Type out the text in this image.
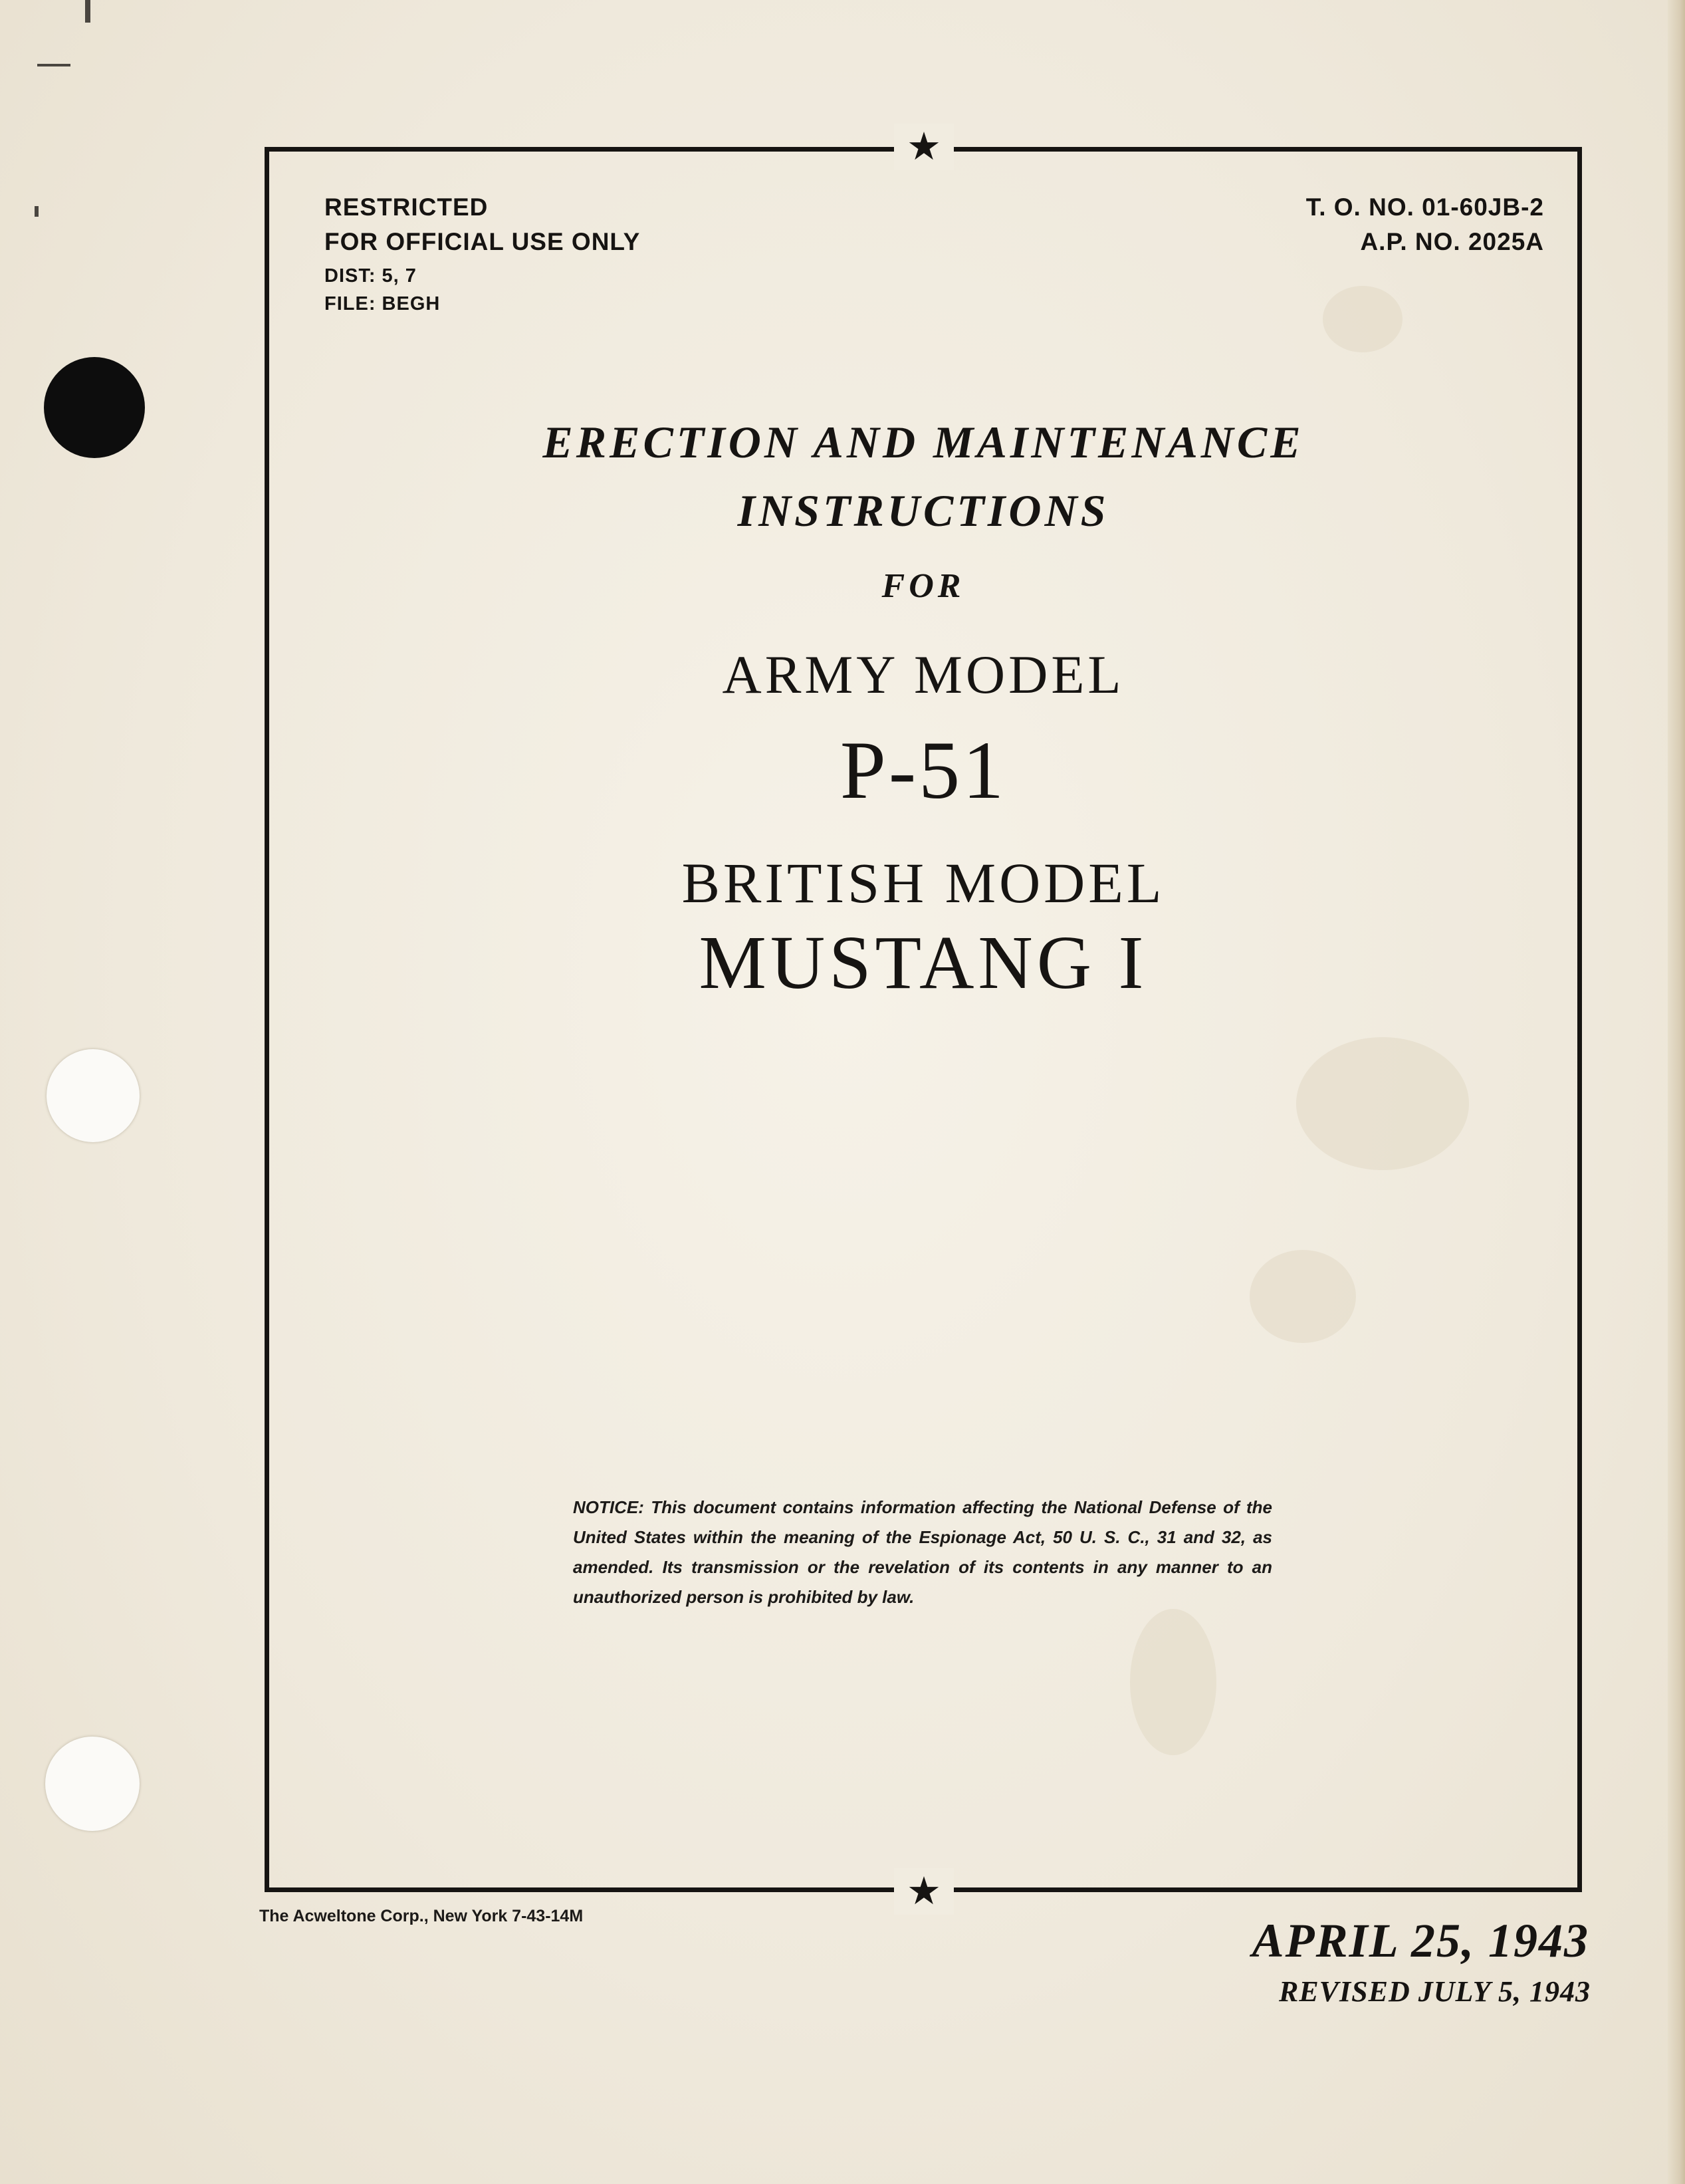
★
★
RESTRICTED
FOR OFFICIAL USE ONLY
DIST: 5, 7
FILE: BEGH
T. O. NO. 01-60JB-2
A.P. NO. 2025A
ERECTION AND MAINTENANCE
INSTRUCTIONS
FOR
ARMY MODEL
P-51
BRITISH MODEL
MUSTANG I
NOTICE: This document contains information affecting the National Defense of the United States within the meaning of the Espionage Act, 50 U. S. C., 31 and 32, as amended. Its transmission or the revelation of its contents in any manner to an unauthorized person is prohibited by law.
The Acweltone Corp., New York 7-43-14M	APRIL 25, 1943
REVISED JULY 5, 1943
